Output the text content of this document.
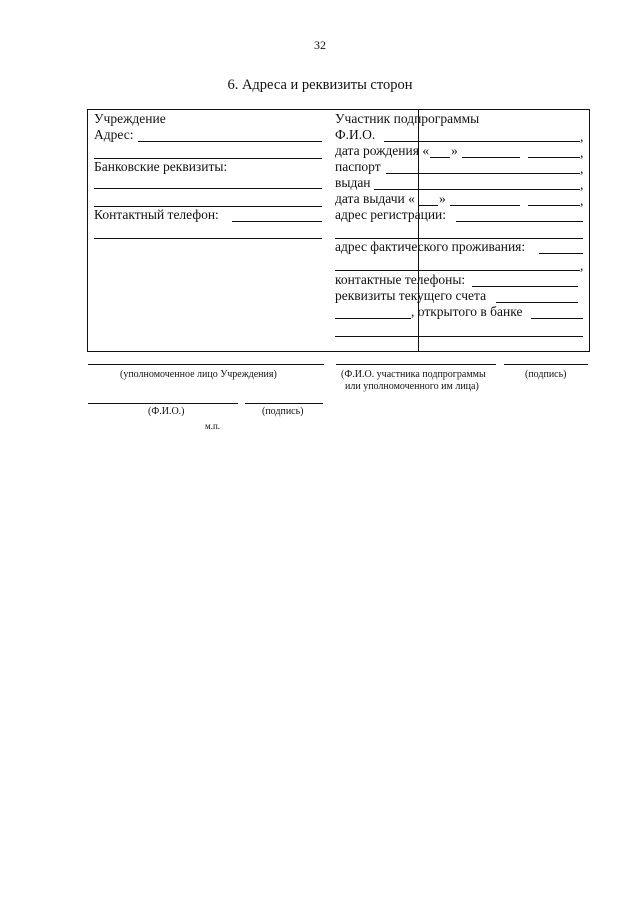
32
6. Адреса и реквизиты сторон
Учреждение
Адрес:
Банковские реквизиты:
Контактный телефон:
Участник подпрограммы
Ф.И.О.	,
дата рождения « »	,
паспорт	,
выдан	,
дата выдачи « »	,
адрес регистрации:
адрес фактического проживания:
,
контактные телефоны:
реквизиты текущего счета
, открытого в банке
(уполномоченное лицо Учреждения)	(Ф.И.О. участника подпрограммы
или уполномоченного им лица)
(подпись)
(Ф.И.О.)	(подпись)
м.п.
